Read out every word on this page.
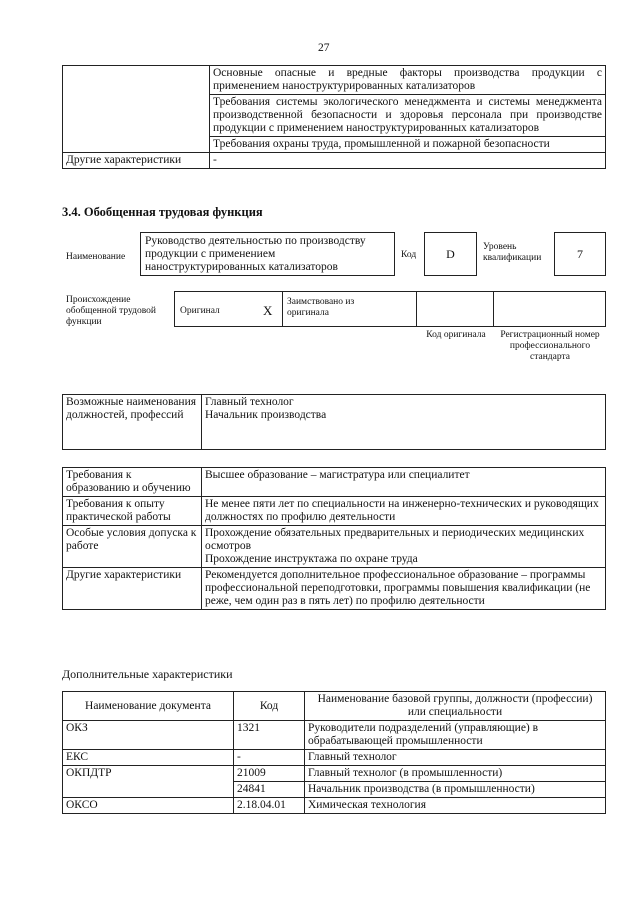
27
	Основные опасные и вредные факторы производства продукции с применением наноструктурированных катализаторов
	Требования системы экологического менеджмента и системы менеджмента производственной безопасности и здоровья персонала при производстве продукции с применением наноструктурированных катализаторов
	Требования охраны труда, промышленной и пожарной безопасности
Другие характеристики	-
3.4. Обобщенная трудовая функция
Наименование
Руководство деятельностью по производству продукции с применением наноструктурированных катализаторов
Код	D	Уровень квалификации	7
Происхождение обобщенной трудовой функции
Оригинал	X
Заимствовано из оригинала
Код оригинала Регистрационный номер профессионального стандарта
Возможные наименования должностей, профессий	Главный технолог
Начальник производства
Требования к образованию и обучению	Высшее образование – магистратура или специалитет
Требования к опыту практической работы	Не менее пяти лет по специальности на инженерно-технических и руководящих должностях по профилю деятельности
Особые условия допуска к работе	Прохождение обязательных предварительных и периодических медицинских осмотров
Прохождение инструктажа по охране труда
Другие характеристики	Рекомендуется дополнительное профессиональное образование – программы профессиональной переподготовки, программы повышения квалификации (не реже, чем один раз в пять лет) по профилю деятельности
Дополнительные характеристики
Наименование документа	Код	Наименование базовой группы, должности (профессии) или специальности
ОКЗ	1321	Руководители подразделений (управляющие) в обрабатывающей промышленности
ЕКС	-	Главный технолог
ОКПДТР	21009	Главный технолог (в промышленности)
	24841	Начальник производства (в промышленности)
ОКСО	2.18.04.01	Химическая технология
